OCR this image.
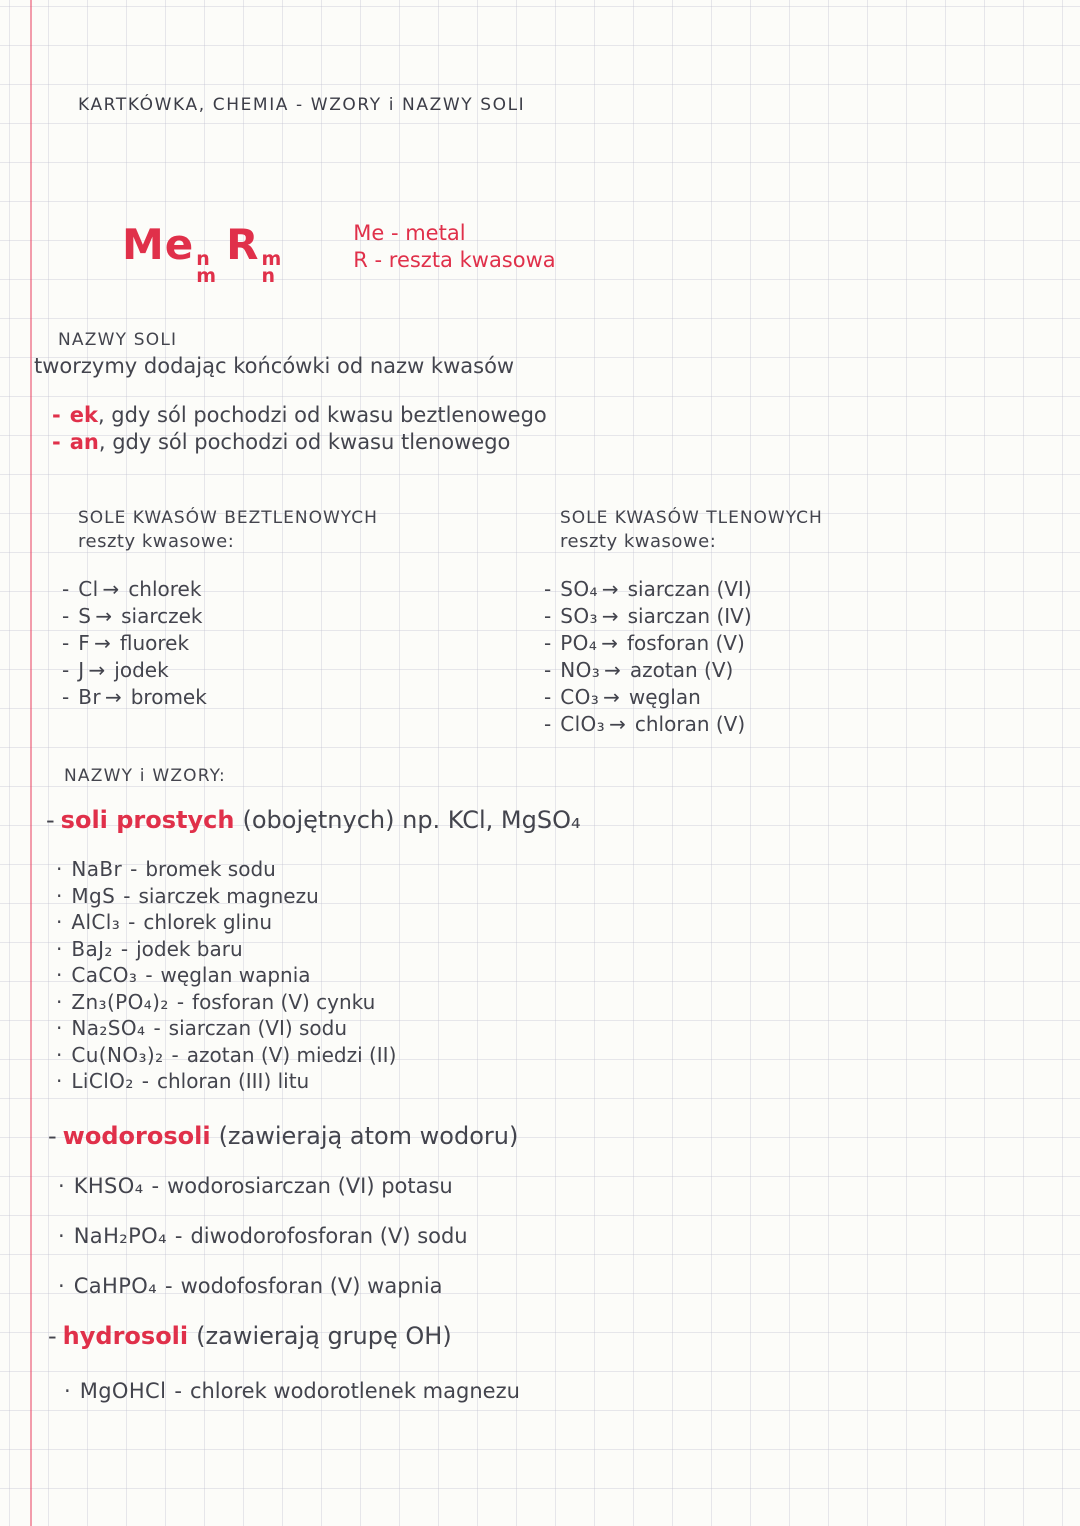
KARTKÓWKA, CHEMIA - WZORY i NAZWY SOLI
Me n
m
R m
n
Me - metal
R - reszta kwasowa
NAZWY SOLI
tworzymy dodając końcówki od nazw kwasów
- ek, gdy sól pochodzi od kwasu beztlenowego
- an, gdy sól pochodzi od kwasu tlenowego
SOLE KWASÓW BEZTLENOWYCH
reszty kwasowe:
- Cl → chlorek
- S → siarczek
- F → fluorek
- J → jodek
- Br → bromek
SOLE KWASÓW TLENOWYCH
reszty kwasowe:
- SO₄ → siarczan (VI)
- SO₃ → siarczan (IV)
- PO₄ → fosforan (V)
- NO₃ → azotan (V)
- CO₃ → węglan
- ClO₃ → chloran (V)
NAZWY i WZORY:
- soli prostych (obojętnych) np. KCl, MgSO₄
· NaBr - bromek sodu
· MgS - siarczek magnezu
· AlCl₃ - chlorek glinu
· BaJ₂ - jodek baru
· CaCO₃ - węglan wapnia
· Zn₃(PO₄)₂ - fosforan (V) cynku
· Na₂SO₄ - siarczan (VI) sodu
· Cu(NO₃)₂ - azotan (V) miedzi (II)
· LiClO₂ - chloran (III) litu
- wodorosoli (zawierają atom wodoru)
· KHSO₄ - wodorosiarczan (VI) potasu
· NaH₂PO₄ - diwodorofosforan (V) sodu
· CaHPO₄ - wodofosforan (V) wapnia
- hydrosoli (zawierają grupę OH)
· MgOHCl - chlorek wodorotlenek magnezu
